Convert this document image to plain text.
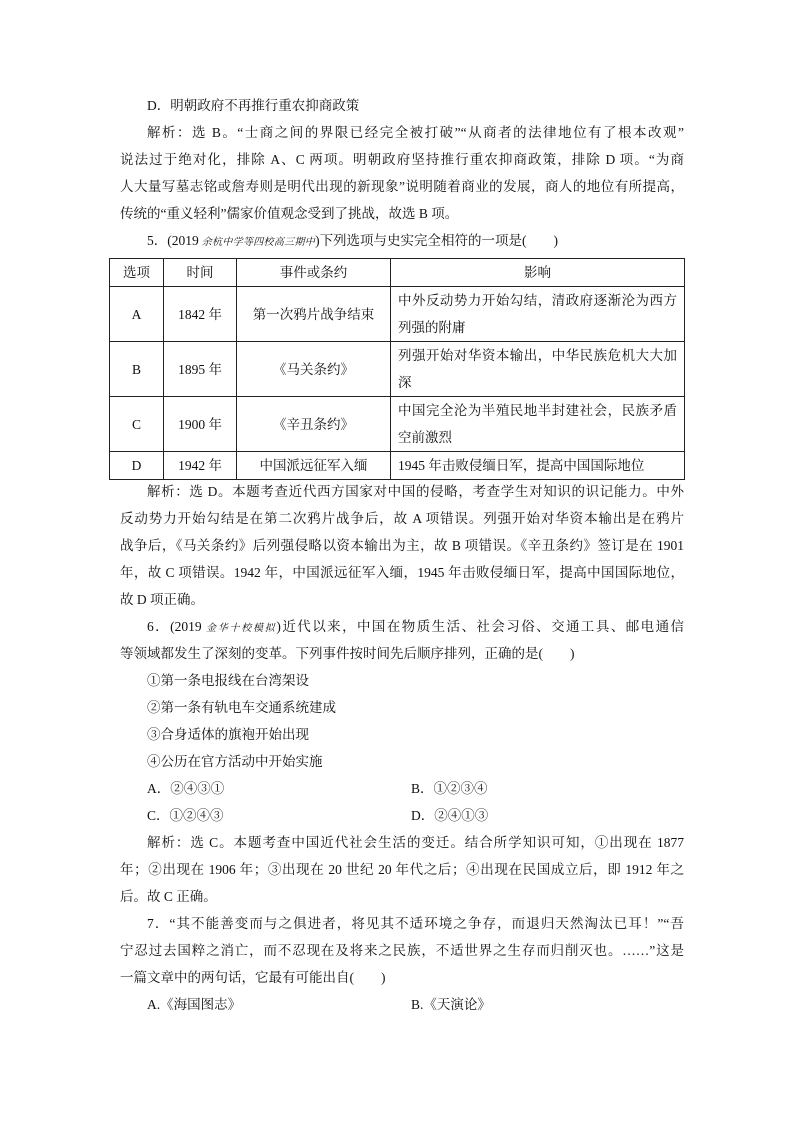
D．明朝政府不再推行重农抑商政策
解析：选 B。“士商之间的界限已经完全被打破”“从商者的法律地位有了根本改观”
说法过于绝对化，排除 A、C 两项。明朝政府坚持推行重农抑商政策，排除 D 项。“为商
人大量写墓志铭或詹寿则是明代出现的新现象”说明随着商业的发展，商人的地位有所提高，
传统的“重义轻利”儒家价值观念受到了挑战，故选 B 项。
5．(2019 余杭中学等四校高三期中)下列选项与史实完全相符的一项是(　　)
选项	时间	事件或条约	影响
A	1842 年	第一次鸦片战争结束	中外反动势力开始勾结，清政府逐渐沦为西方
列强的附庸

B	1895 年	《马关条约》	列强开始对华资本输出，中华民族危机大大加
深

C	1900 年	《辛丑条约》	中国完全沦为半殖民地半封建社会，民族矛盾
空前激烈

D	1942 年	中国派远征军入缅	1945 年击败侵缅日军，提高中国国际地位
解析：选 D。本题考查近代西方国家对中国的侵略，考查学生对知识的识记能力。中外
反动势力开始勾结是在第二次鸦片战争后，故 A 项错误。列强开始对华资本输出是在鸦片
战争后，《马关条约》后列强侵略以资本输出为主，故 B 项错误。《辛丑条约》签订是在 1901
年，故 C 项错误。1942 年，中国派远征军入缅，1945 年击败侵缅日军，提高中国国际地位，
故 D 项正确。
6．(2019 金华十校模拟)近代以来，中国在物质生活、社会习俗、交通工具、邮电通信
等领域都发生了深刻的变革。下列事件按时间先后顺序排列，正确的是(　　)
①第一条电报线在台湾架设
②第一条有轨电车交通系统建成
③合身适体的旗袍开始出现
④公历在官方活动中开始实施
A．②④③①	B．①②③④
C．①②④③	D．②④①③
解析：选 C。本题考查中国近代社会生活的变迁。结合所学知识可知，①出现在 1877
年；②出现在 1906 年；③出现在 20 世纪 20 年代之后；④出现在民国成立后，即 1912 年之
后。故 C 正确。
7．“其不能善变而与之俱进者，将见其不适环境之争存，而退归天然淘汰已耳！”“吾
宁忍过去国粹之消亡，而不忍现在及将来之民族，不适世界之生存而归削灭也。……”这是
一篇文章中的两句话，它最有可能出自(　　)
A.《海国图志》	B.《天演论》
